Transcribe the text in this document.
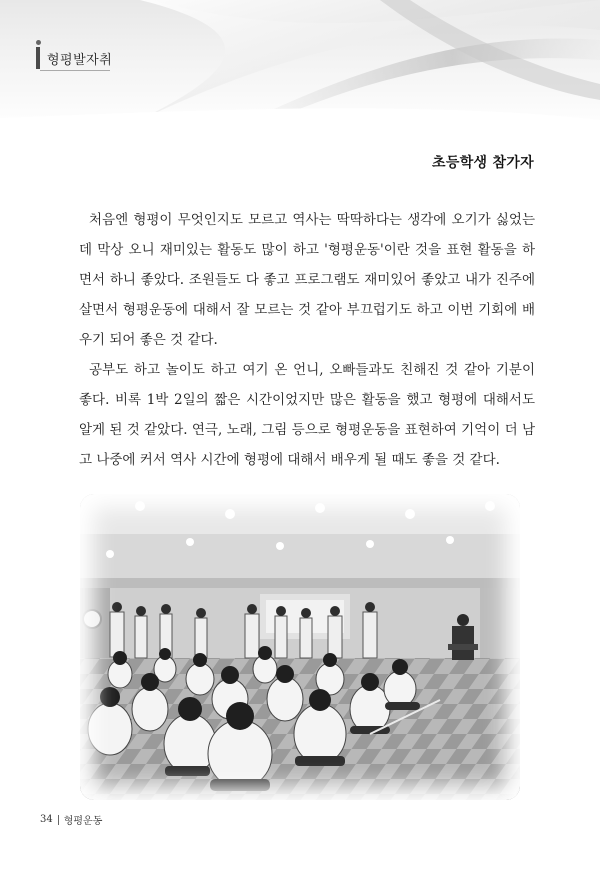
형평발자취
초등학생 참가자

처음엔 형평이 무엇인지도 모르고 역사는 딱딱하다는 생각에 오기가 싫었는데 막상 오니 재미있는 활동도 많이 하고 '형평운동'이란 것을 표현 활동을 하면서 하니 좋았다. 조원들도 다 좋고 프로그램도 재미있어 좋았고 내가 진주에 살면서 형평운동에 대해서 잘 모르는 것 같아 부끄럽기도 하고 이번 기회에 배우기 되어 좋은 것 같다.

공부도 하고 놀이도 하고 여기 온 언니, 오빠들과도 친해진 것 같아 기분이 좋다. 비록 1박 2일의 짧은 시간이었지만 많은 활동을 했고 형평에 대해서도 알게 된 것 같았다. 연극, 노래, 그림 등으로 형평운동을 표현하여 기억이 더 남고 나중에 커서 역사 시간에 형평에 대해서 배우게 될 때도 좋을 것 같다.

34 형평운동
